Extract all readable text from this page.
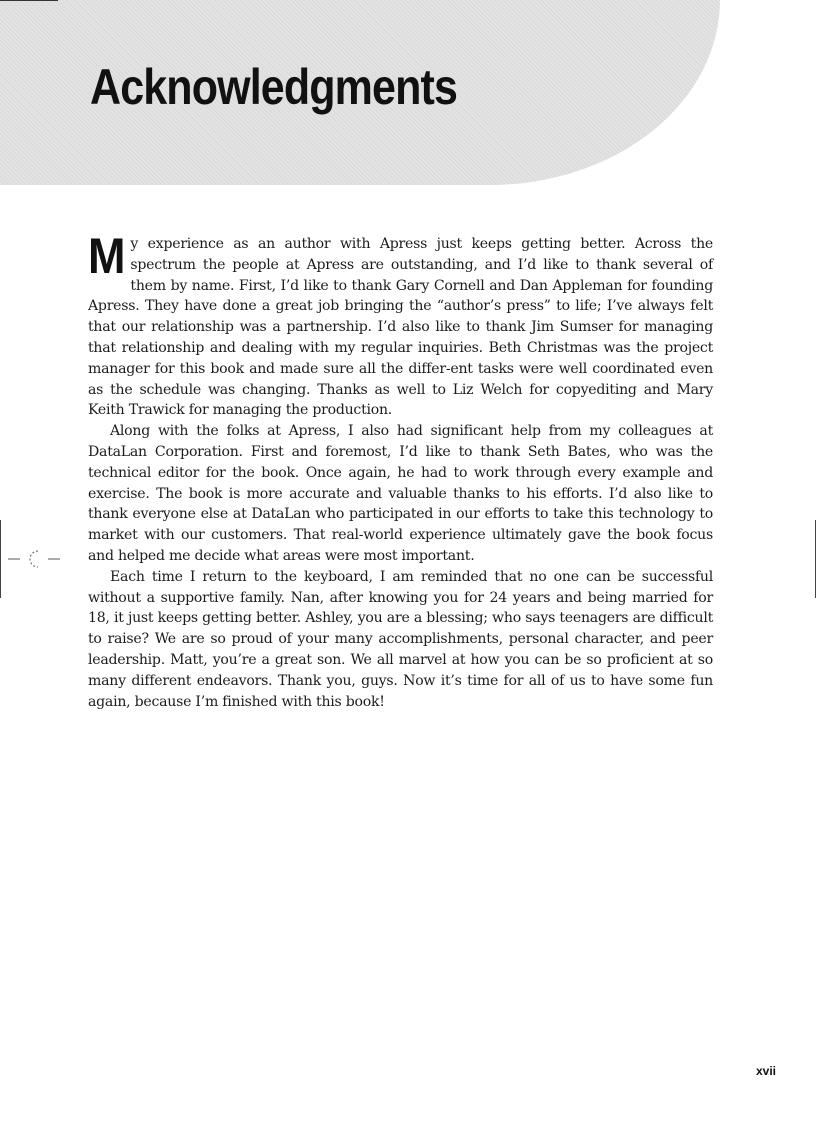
Acknowledgments

My experience as an author with Apress just keeps getting better. Across the spectrum the people at Apress are outstanding, and I’d like to thank several of them by name. First, I’d like to thank Gary Cornell and Dan Appleman for founding Apress. They have done a great job bringing the “author’s press” to life; I’ve always felt that our relationship was a partnership. I’d also like to thank Jim Sumser for managing that relationship and dealing with my regular inquiries. Beth Christmas was the project manager for this book and made sure all the differ-ent tasks were well coordinated even as the schedule was changing. Thanks as well to Liz Welch for copyediting and Mary Keith Trawick for managing the production.

Along with the folks at Apress, I also had significant help from my colleagues at DataLan Corporation. First and foremost, I’d like to thank Seth Bates, who was the technical editor for the book. Once again, he had to work through every example and exercise. The book is more accurate and valuable thanks to his efforts. I’d also like to thank everyone else at DataLan who participated in our efforts to take this technology to market with our customers. That real-world experience ultimately gave the book focus and helped me decide what areas were most important.

Each time I return to the keyboard, I am reminded that no one can be successful without a supportive family. Nan, after knowing you for 24 years and being married for 18, it just keeps getting better. Ashley, you are a blessing; who says teenagers are difficult to raise? We are so proud of your many accomplishments, personal character, and peer leadership. Matt, you’re a great son. We all marvel at how you can be so proficient at so many different endeavors. Thank you, guys. Now it’s time for all of us to have some fun again, because I’m finished with this book!

xvii
